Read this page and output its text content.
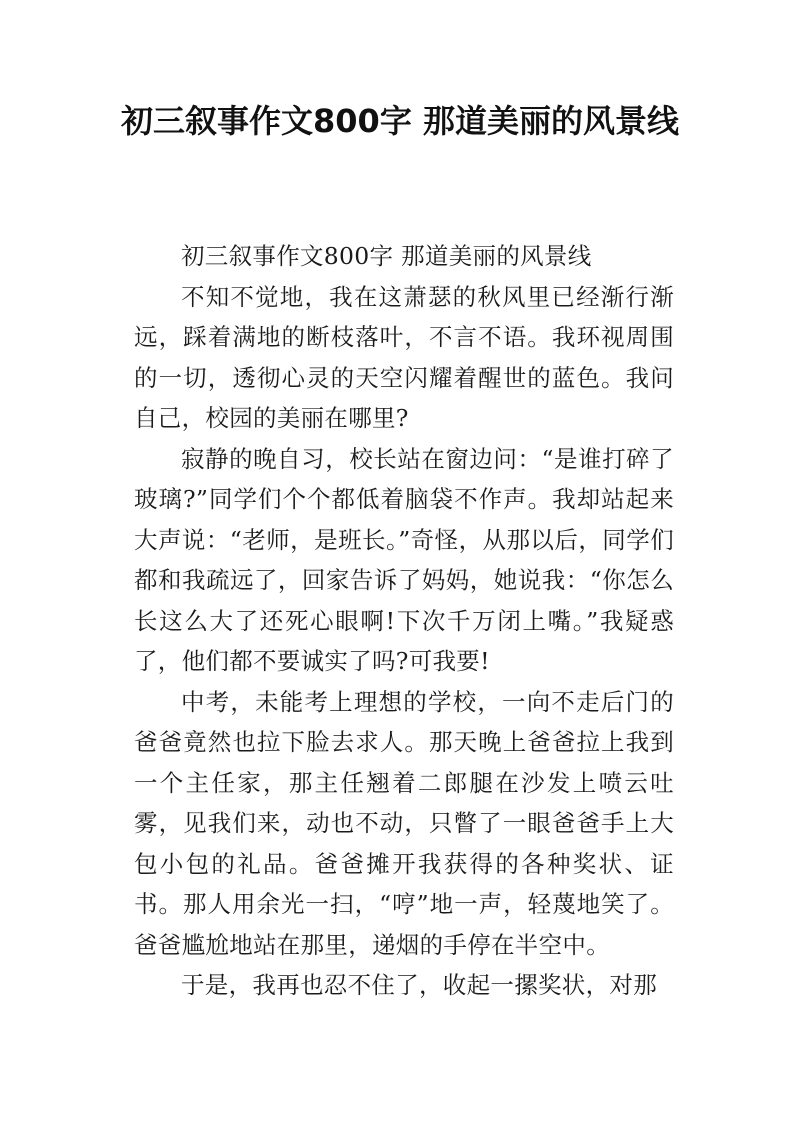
初三叙事作文800字 那道美丽的风景线

初三叙事作文800字 那道美丽的风景线

不知不觉地，我在这萧瑟的秋风里已经渐行渐远，踩着满地的断枝落叶，不言不语。我环视周围的一切，透彻心灵的天空闪耀着醒世的蓝色。我问自己，校园的美丽在哪里?

寂静的晚自习，校长站在窗边问：“是谁打碎了玻璃?”同学们个个都低着脑袋不作声。我却站起来大声说：“老师，是班长。”奇怪，从那以后，同学们都和我疏远了，回家告诉了妈妈，她说我：“你怎么长这么大了还死心眼啊!下次千万闭上嘴。”我疑惑了，他们都不要诚实了吗?可我要!

中考，未能考上理想的学校，一向不走后门的爸爸竟然也拉下脸去求人。那天晚上爸爸拉上我到一个主任家，那主任翘着二郎腿在沙发上喷云吐雾，见我们来，动也不动，只瞥了一眼爸爸手上大包小包的礼品。爸爸摊开我获得的各种奖状、证书。那人用余光一扫，“哼”地一声，轻蔑地笑了。爸爸尴尬地站在那里，递烟的手停在半空中。

于是，我再也忍不住了，收起一摞奖状，对那
